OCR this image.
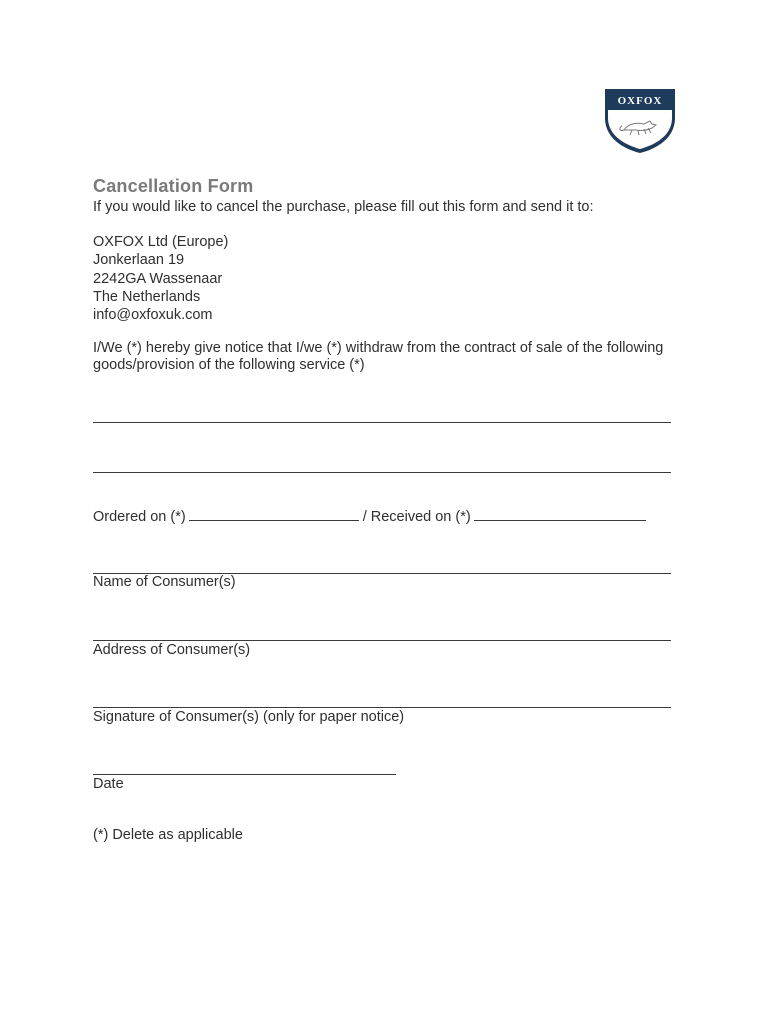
OXFOX
Cancellation Form

If you would like to cancel the purchase, please fill out this form and send it to:

OXFOX Ltd (Europe)
Jonkerlaan 19
2242GA Wassenaar
The Netherlands
info@oxfoxuk.com

I/We (*) hereby give notice that I/we (*) withdraw from the contract of sale of the following goods/provision of the following service (*)

Ordered on (*)	/ Received on (*)

Name of Consumer(s)

Address of Consumer(s)

Signature of Consumer(s) (only for paper notice)

Date

(*) Delete as applicable
